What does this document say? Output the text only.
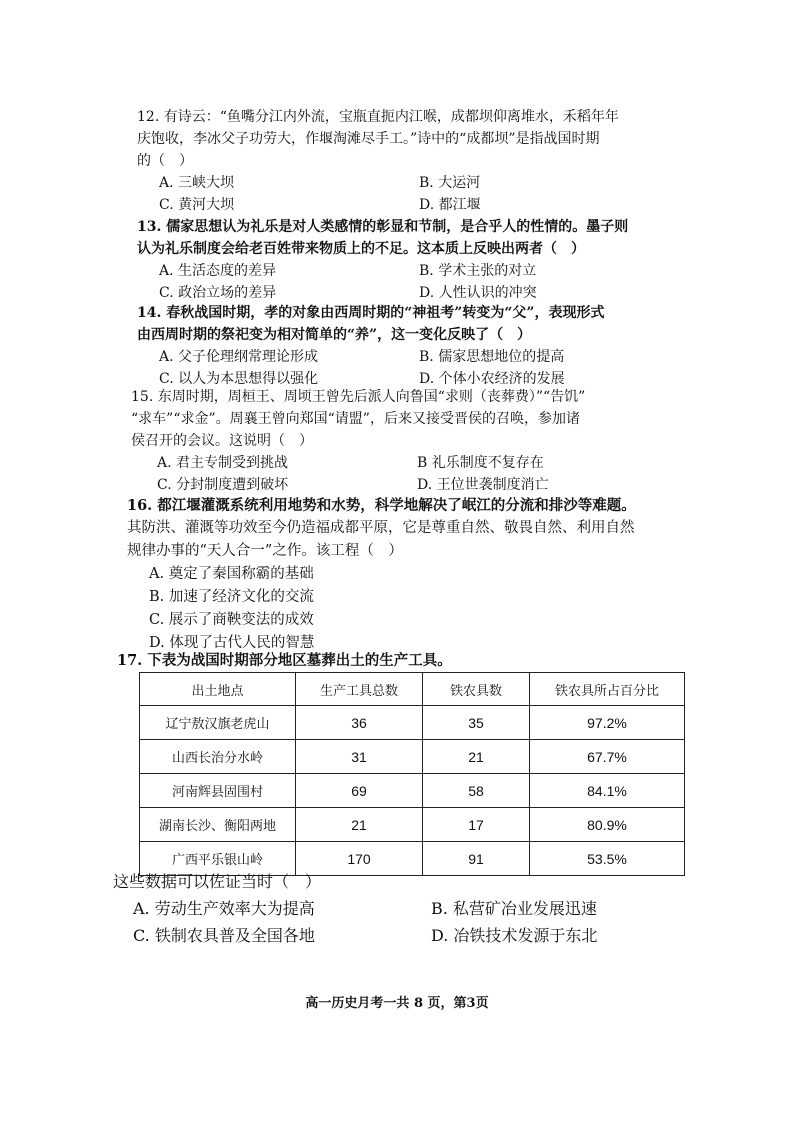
12. 有诗云：“鱼嘴分江内外流，宝瓶直扼内江喉，成都坝仰离堆水，禾稻年年
庆饱收，李冰父子功劳大，作堰淘滩尽手工。”诗中的“成都坝”是指战国时期
的（　）
A. 三峡大坝	B. 大运河
C. 黄河大坝	D. 都江堰
13. 儒家思想认为礼乐是对人类感情的彰显和节制，是合乎人的性情的。墨子则
认为礼乐制度会给老百姓带来物质上的不足。这本质上反映出两者（　）
A. 生活态度的差异	B. 学术主张的对立
C. 政治立场的差异	D. 人性认识的冲突
14. 春秋战国时期，孝的对象由西周时期的“神祖考”转变为“父”，表现形式
由西周时期的祭祀变为相对简单的“养”，这一变化反映了（　）
A. 父子伦理纲常理论形成	B. 儒家思想地位的提高
C. 以人为本思想得以强化	D. 个体小农经济的发展
15. 东周时期，周桓王、周顷王曾先后派人向鲁国“求则（丧葬费）”“告饥”
“求车”“求金”。周襄王曾向郑国“请盟”，后来又接受晋侯的召唤，参加诸
侯召开的会议。这说明（　）
A. 君主专制受到挑战	B 礼乐制度不复存在
C. 分封制度遭到破坏	D. 王位世袭制度消亡
16. 都江堰灌溉系统利用地势和水势，科学地解决了岷江的分流和排沙等难题。
其防洪、灌溉等功效至今仍造福成都平原，它是尊重自然、敬畏自然、利用自然
规律办事的“天人合一”之作。该工程（　）
A. 奠定了秦国称霸的基础
B. 加速了经济文化的交流
C. 展示了商鞅变法的成效
D. 体现了古代人民的智慧
17. 下表为战国时期部分地区墓葬出土的生产工具。
出土地点	生产工具总数	铁农具数	铁农具所占百分比
辽宁敖汉旗老虎山	36	35	97.2%
山西长治分水岭	31	21	67.7%
河南辉县固围村	69	58	84.1%
湖南长沙、衡阳两地	21	17	80.9%
广西平乐银山岭	170	91	53.5%
这些数据可以佐证当时（　）
A. 劳动生产效率大为提高	B. 私营矿冶业发展迅速
C. 铁制农具普及全国各地	D. 冶铁技术发源于东北
高一历史月考一共 8 页，第3页
